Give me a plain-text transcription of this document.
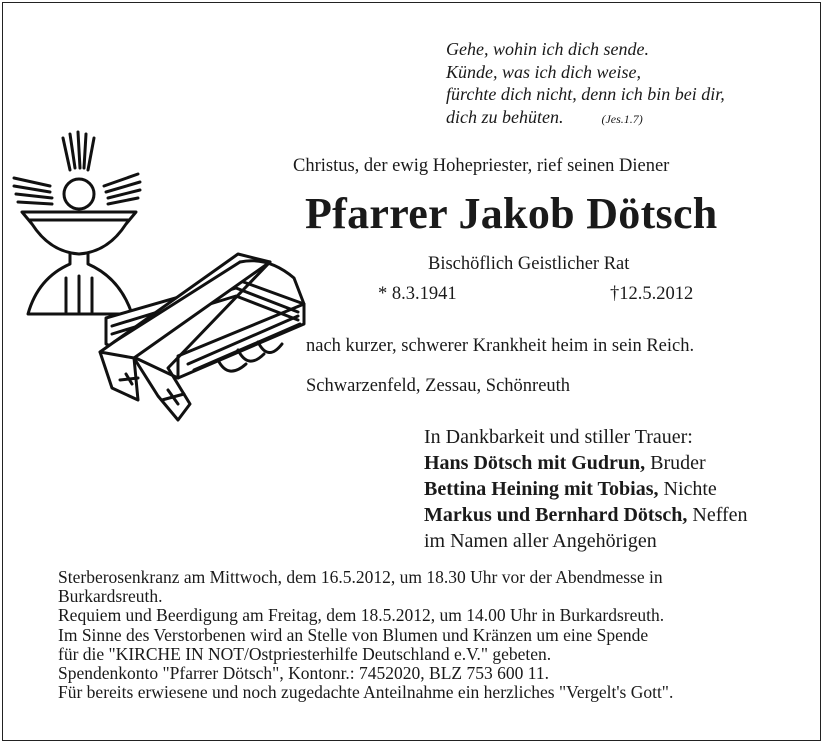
Gehe, wohin ich dich sende.
Künde, was ich dich weise,
fürchte dich nicht, denn ich bin bei dir,
dich zu behüten.	(Jes.1.7)
Christus, der ewig Hohepriester, rief seinen Diener
Pfarrer Jakob Dötsch
Bischöflich Geistlicher Rat
* 8.3.1941	†12.5.2012
nach kurzer, schwerer Krankheit heim in sein Reich.
Schwarzenfeld, Zessau, Schönreuth
In Dankbarkeit und stiller Trauer:
Hans Dötsch mit Gudrun, Bruder
Bettina Heining mit Tobias, Nichte
Markus und Bernhard Dötsch, Neffen
im Namen aller Angehörigen
Sterberosenkranz am Mittwoch, dem 16.5.2012, um 18.30 Uhr vor der Abendmesse in
Burkardsreuth.
Requiem und Beerdigung am Freitag, dem 18.5.2012, um 14.00 Uhr in Burkardsreuth.
Im Sinne des Verstorbenen wird an Stelle von Blumen und Kränzen um eine Spende
für die "KIRCHE IN NOT/Ostpriesterhilfe Deutschland e.V." gebeten.
Spendenkonto "Pfarrer Dötsch", Kontonr.: 7452020, BLZ 753 600 11.
Für bereits erwiesene und noch zugedachte Anteilnahme ein herzliches "Vergelt's Gott".
